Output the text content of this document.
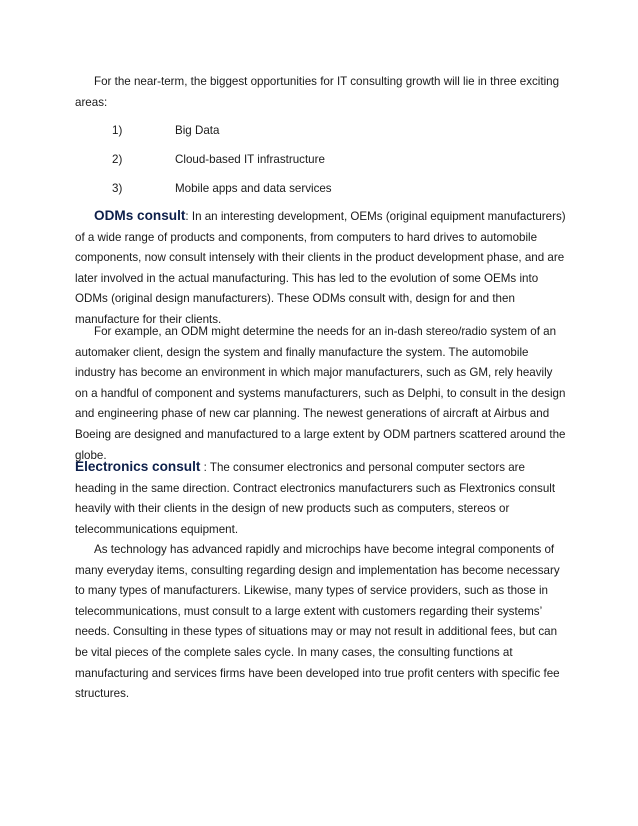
For the near-term, the biggest opportunities for IT consulting growth will lie in three exciting areas:

1)	Big Data
2)	Cloud-based IT infrastructure
3)	Mobile apps and data services

ODMs consult: In an interesting development, OEMs (original equipment manufacturers) of a wide range of products and components, from computers to hard drives to automobile components, now consult intensely with their clients in the product development phase, and are later involved in the actual manufacturing. This has led to the evolution of some OEMs into ODMs (original design manufacturers). These ODMs consult with, design for and then manufacture for their clients.

For example, an ODM might determine the needs for an in-dash stereo/radio system of an automaker client, design the system and finally manufacture the system. The automobile industry has become an environment in which major manufacturers, such as GM, rely heavily on a handful of component and systems manufacturers, such as Delphi, to consult in the design and engineering phase of new car planning. The newest generations of aircraft at Airbus and Boeing are designed and manufactured to a large extent by ODM partners scattered around the globe.

Electronics consult : The consumer electronics and personal computer sectors are heading in the same direction. Contract electronics manufacturers such as Flextronics consult heavily with their clients in the design of new products such as computers, stereos or telecommunications equipment.

As technology has advanced rapidly and microchips have become integral components of many everyday items, consulting regarding design and implementation has become necessary to many types of manufacturers. Likewise, many types of service providers, such as those in telecommunications, must consult to a large extent with customers regarding their systems’ needs. Consulting in these types of situations may or may not result in additional fees, but can be vital pieces of the complete sales cycle. In many cases, the consulting functions at manufacturing and services firms have been developed into true profit centers with specific fee structures.
